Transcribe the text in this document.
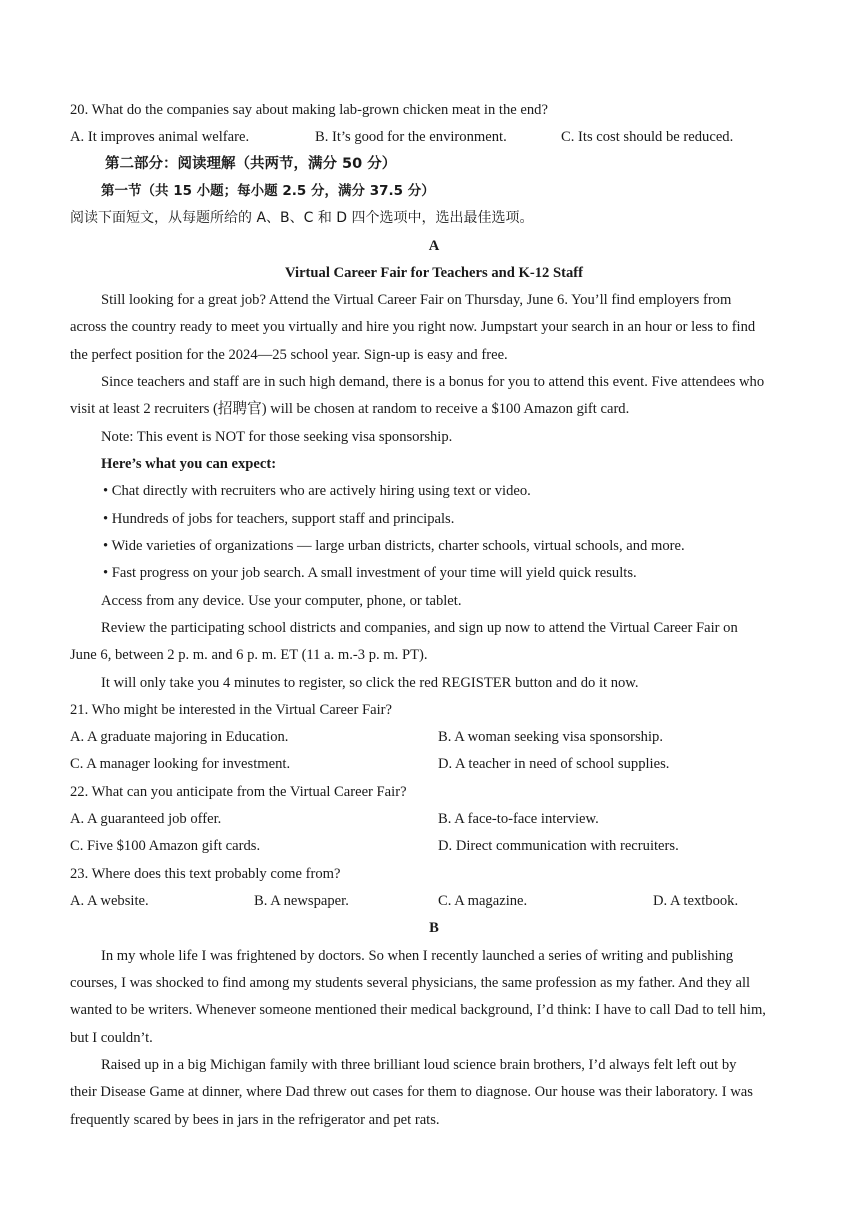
20. What do the companies say about making lab-grown chicken meat in the end?
A. It improves animal welfare.	B. It’s good for the environment.	C. Its cost should be reduced.
第二部分：阅读理解（共两节，满分 50 分）
第一节（共 15 小题；每小题 2.5 分，满分 37.5 分）
阅读下面短文，从每题所给的 A、B、C 和 D 四个选项中，选出最佳选项。
A
Virtual Career Fair for Teachers and K-12 Staff
Still looking for a great job? Attend the Virtual Career Fair on Thursday, June 6. You’ll find employers from
across the country ready to meet you virtually and hire you right now. Jumpstart your search in an hour or less to find
the perfect position for the 2024—25 school year. Sign-up is easy and free.
Since teachers and staff are in such high demand, there is a bonus for you to attend this event. Five attendees who
visit at least 2 recruiters (招聘官) will be chosen at random to receive a $100 Amazon gift card.
Note: This event is NOT for those seeking visa sponsorship.
Here’s what you can expect:
• Chat directly with recruiters who are actively hiring using text or video.
• Hundreds of jobs for teachers, support staff and principals.
• Wide varieties of organizations — large urban districts, charter schools, virtual schools, and more.
• Fast progress on your job search. A small investment of your time will yield quick results.
Access from any device. Use your computer, phone, or tablet.
Review the participating school districts and companies, and sign up now to attend the Virtual Career Fair on
June 6, between 2 p. m. and 6 p. m. ET (11 a. m.-3 p. m. PT).
It will only take you 4 minutes to register, so click the red REGISTER button and do it now.
21. Who might be interested in the Virtual Career Fair?
A. A graduate majoring in Education.	B. A woman seeking visa sponsorship.
C. A manager looking for investment.	D. A teacher in need of school supplies.
22. What can you anticipate from the Virtual Career Fair?
A. A guaranteed job offer.	B. A face-to-face interview.
C. Five $100 Amazon gift cards.	D. Direct communication with recruiters.
23. Where does this text probably come from?
A. A website.	B. A newspaper.	C. A magazine.	D. A textbook.
B
In my whole life I was frightened by doctors. So when I recently launched a series of writing and publishing
courses, I was shocked to find among my students several physicians, the same profession as my father. And they all
wanted to be writers. Whenever someone mentioned their medical background, I’d think: I have to call Dad to tell him,
but I couldn’t.
Raised up in a big Michigan family with three brilliant loud science brain brothers, I’d always felt left out by
their Disease Game at dinner, where Dad threw out cases for them to diagnose. Our house was their laboratory. I was
frequently scared by bees in jars in the refrigerator and pet rats.
